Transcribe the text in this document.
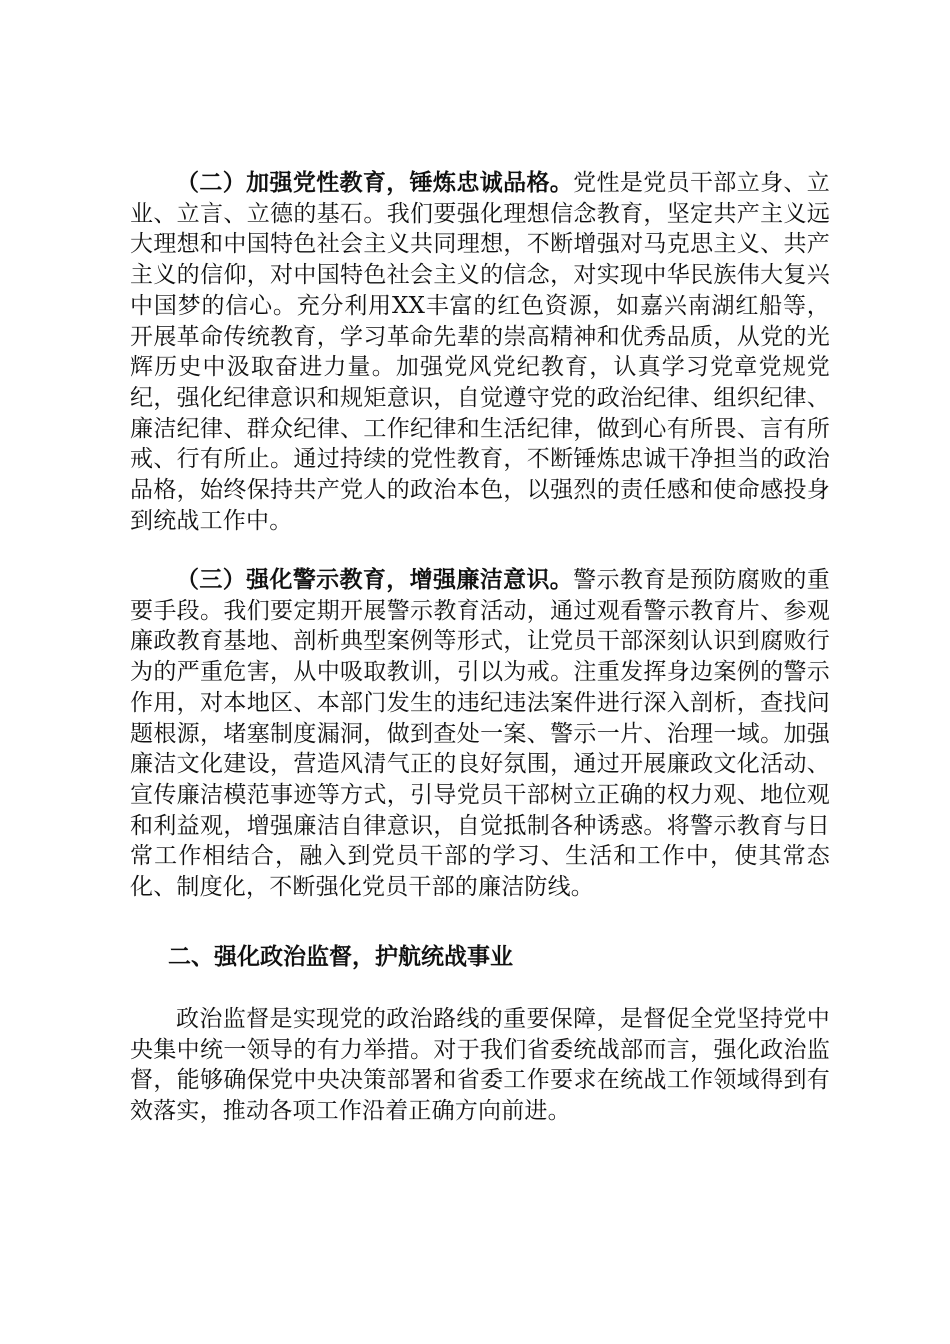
（二）加强党性教育，锤炼忠诚品格。党性是党员干部立身、立业、立言、立德的基石。我们要强化理想信念教育，坚定共产主义远大理想和中国特色社会主义共同理想，不断增强对马克思主义、共产主义的信仰，对中国特色社会主义的信念，对实现中华民族伟大复兴中国梦的信心。充分利用XX丰富的红色资源，如嘉兴南湖红船等，开展革命传统教育，学习革命先辈的崇高精神和优秀品质，从党的光辉历史中汲取奋进力量。加强党风党纪教育，认真学习党章党规党纪，强化纪律意识和规矩意识，自觉遵守党的政治纪律、组织纪律、廉洁纪律、群众纪律、工作纪律和生活纪律，做到心有所畏、言有所戒、行有所止。通过持续的党性教育，不断锤炼忠诚干净担当的政治品格，始终保持共产党人的政治本色，以强烈的责任感和使命感投身到统战工作中。

（三）强化警示教育，增强廉洁意识。警示教育是预防腐败的重要手段。我们要定期开展警示教育活动，通过观看警示教育片、参观廉政教育基地、剖析典型案例等形式，让党员干部深刻认识到腐败行为的严重危害，从中吸取教训，引以为戒。注重发挥身边案例的警示作用，对本地区、本部门发生的违纪违法案件进行深入剖析，查找问题根源，堵塞制度漏洞，做到查处一案、警示一片、治理一域。加强廉洁文化建设，营造风清气正的良好氛围，通过开展廉政文化活动、宣传廉洁模范事迹等方式，引导党员干部树立正确的权力观、地位观和利益观，增强廉洁自律意识，自觉抵制各种诱惑。将警示教育与日常工作相结合，融入到党员干部的学习、生活和工作中，使其常态化、制度化，不断强化党员干部的廉洁防线。

二、强化政治监督，护航统战事业

政治监督是实现党的政治路线的重要保障，是督促全党坚持党中央集中统一领导的有力举措。对于我们省委统战部而言，强化政治监督，能够确保党中央决策部署和省委工作要求在统战工作领域得到有效落实，推动各项工作沿着正确方向前进。
